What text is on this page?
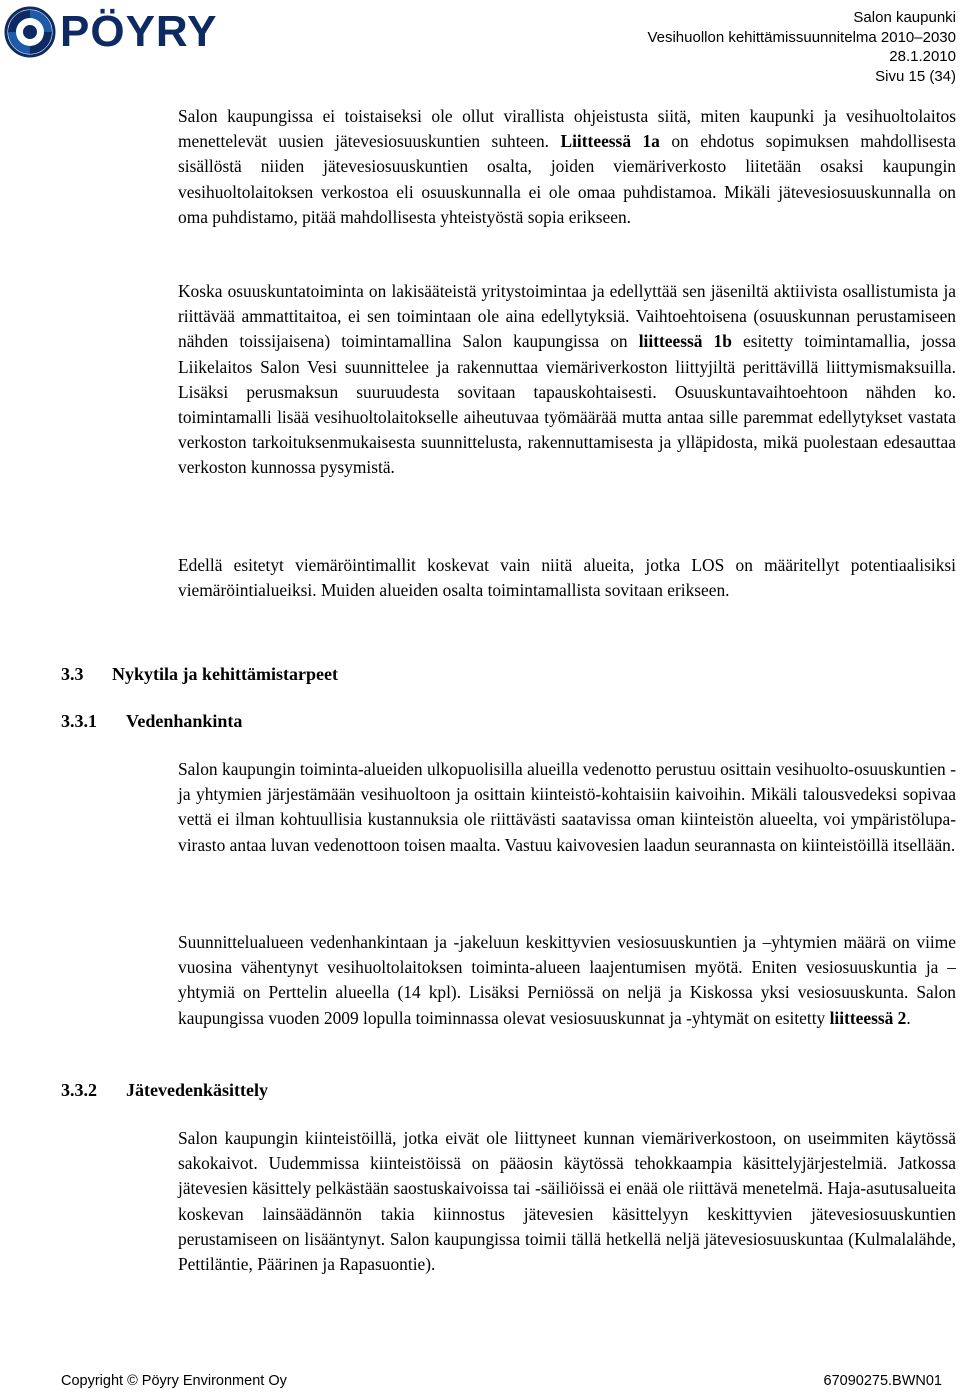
PÖYRY	Salon kaupunki
Vesihuollon kehittämissuunnitelma 2010–2030
28.1.2010
Sivu 15 (34)

Salon kaupungissa ei toistaiseksi ole ollut virallista ohjeistusta siitä, miten kaupunki ja vesihuoltolaitos menettelevät uusien jätevesiosuuskuntien suhteen. Liitteessä 1a on ehdotus sopimuksen mahdollisesta sisällöstä niiden jätevesiosuuskuntien osalta, joiden viemäriverkosto liitetään osaksi kaupungin vesihuoltolaitoksen verkostoa eli osuuskunnalla ei ole omaa puhdistamoa. Mikäli jätevesiosuuskunnalla on oma puhdistamo, pitää mahdollisesta yhteistyöstä sopia erikseen.

Koska osuuskuntatoiminta on lakisääteistä yritystoimintaa ja edellyttää sen jäseniltä aktiivista osallistumista ja riittävää ammattitaitoa, ei sen toimintaan ole aina edellytyksiä. Vaihtoehtoisena (osuuskunnan perustamiseen nähden toissijaisena) toimintamallina Salon kaupungissa on liitteessä 1b esitetty toimintamallia, jossa Liikelaitos Salon Vesi suunnittelee ja rakennuttaa viemäriverkoston liittyjiltä perittävillä liittymismaksuilla. Lisäksi perusmaksun suuruudesta sovitaan tapauskohtaisesti. Osuuskuntavaihtoehtoon nähden ko. toimintamalli lisää vesihuoltolaitokselle aiheutuvaa työmäärää mutta antaa sille paremmat edellytykset vastata verkoston tarkoituksenmukaisesta suunnittelusta, rakennuttamisesta ja ylläpidosta, mikä puolestaan edesauttaa verkoston kunnossa pysymistä.

Edellä esitetyt viemäröintimallit koskevat vain niitä alueita, jotka LOS on määritellyt potentiaalisiksi viemäröintialueiksi. Muiden alueiden osalta toimintamallista sovitaan erikseen.

3.3 Nykytila ja kehittämistarpeet
3.3.1 Vedenhankinta

Salon kaupungin toiminta-alueiden ulkopuolisilla alueilla vedenotto perustuu osittain vesihuolto-osuuskuntien -ja yhtymien järjestämään vesihuoltoon ja osittain kiinteistö-kohtaisiin kaivoihin. Mikäli talousvedeksi sopivaa vettä ei ilman kohtuullisia kustannuksia ole riittävästi saatavissa oman kiinteistön alueelta, voi ympäristölupa-virasto antaa luvan vedenottoon toisen maalta. Vastuu kaivovesien laadun seurannasta on kiinteistöillä itsellään.

Suunnittelualueen vedenhankintaan ja -jakeluun keskittyvien vesiosuuskuntien ja –yhtymien määrä on viime vuosina vähentynyt vesihuoltolaitoksen toiminta-alueen laajentumisen myötä. Eniten vesiosuuskuntia ja –yhtymiä on Perttelin alueella (14 kpl). Lisäksi Perniössä on neljä ja Kiskossa yksi vesiosuuskunta. Salon kaupungissa vuoden 2009 lopulla toiminnassa olevat vesiosuuskunnat ja -yhtymät on esitetty liitteessä 2.

3.3.2 Jätevedenkäsittely

Salon kaupungin kiinteistöillä, jotka eivät ole liittyneet kunnan viemäriverkostoon, on useimmiten käytössä sakokaivot. Uudemmissa kiinteistöissä on pääosin käytössä tehokkaampia käsittelyjärjestelmiä. Jatkossa jätevesien käsittely pelkästään saostuskaivoissa tai -säiliöissä ei enää ole riittävä menetelmä. Haja-asutusalueita koskevan lainsäädännön takia kiinnostus jätevesien käsittelyyn keskittyvien jätevesiosuuskuntien perustamiseen on lisääntynyt. Salon kaupungissa toimii tällä hetkellä neljä jätevesiosuuskuntaa (Kulmalalähde, Pettiläntie, Päärinen ja Rapasuontie).

Copyright © Pöyry Environment Oy	67090275.BWN01
